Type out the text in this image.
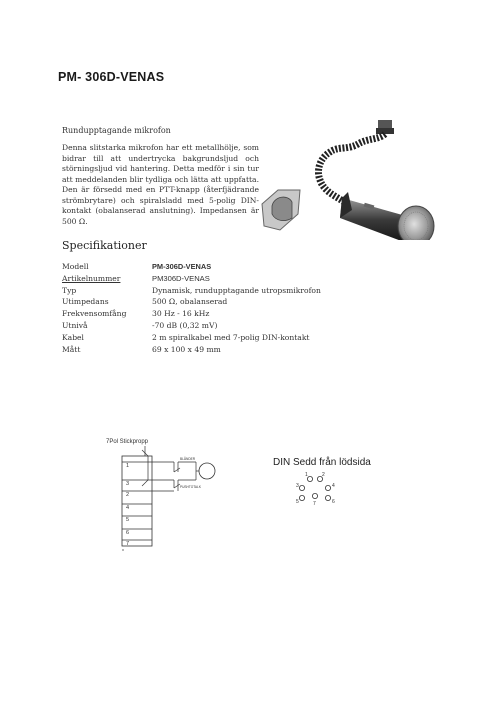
PM- 306D-VENAS
Rundupptagande mikrofon
Denna slitstarka mikrofon har ett metallhölje, som bidrar till att undertrycka bakgrundsljud och störningsljud vid hantering. Detta medför i sin tur att meddelanden blir tydliga och lätta att uppfatta. Den är försedd med en PTT-knapp (återfjädrande strömbrytare) och spiralsladd med 5-polig DIN-kontakt (obalanserad anslutning). Impedansen är 500 Ω.
Specifikationer
Modell	PM-306D-VENAS
Artikelnummer	PM306D-VENAS
Typ	Dynamisk, rundupptagande utropsmikrofon
Utimpedans	500 Ω, obalanserad
Frekvensomfång	30 Hz - 16 kHz
Utnivå	-70 dB (0,32 mV)
Kabel	2 m spiralkabel med 7-polig DIN-kontakt
Mått	69 x 100 x 49 mm
7Pol Stickpropp
1
3
2
4
5
6
7
BLÅNDER
PUSHTOTALK
DIN Sedd från lödsida
1	2
3	4
5	6
7
